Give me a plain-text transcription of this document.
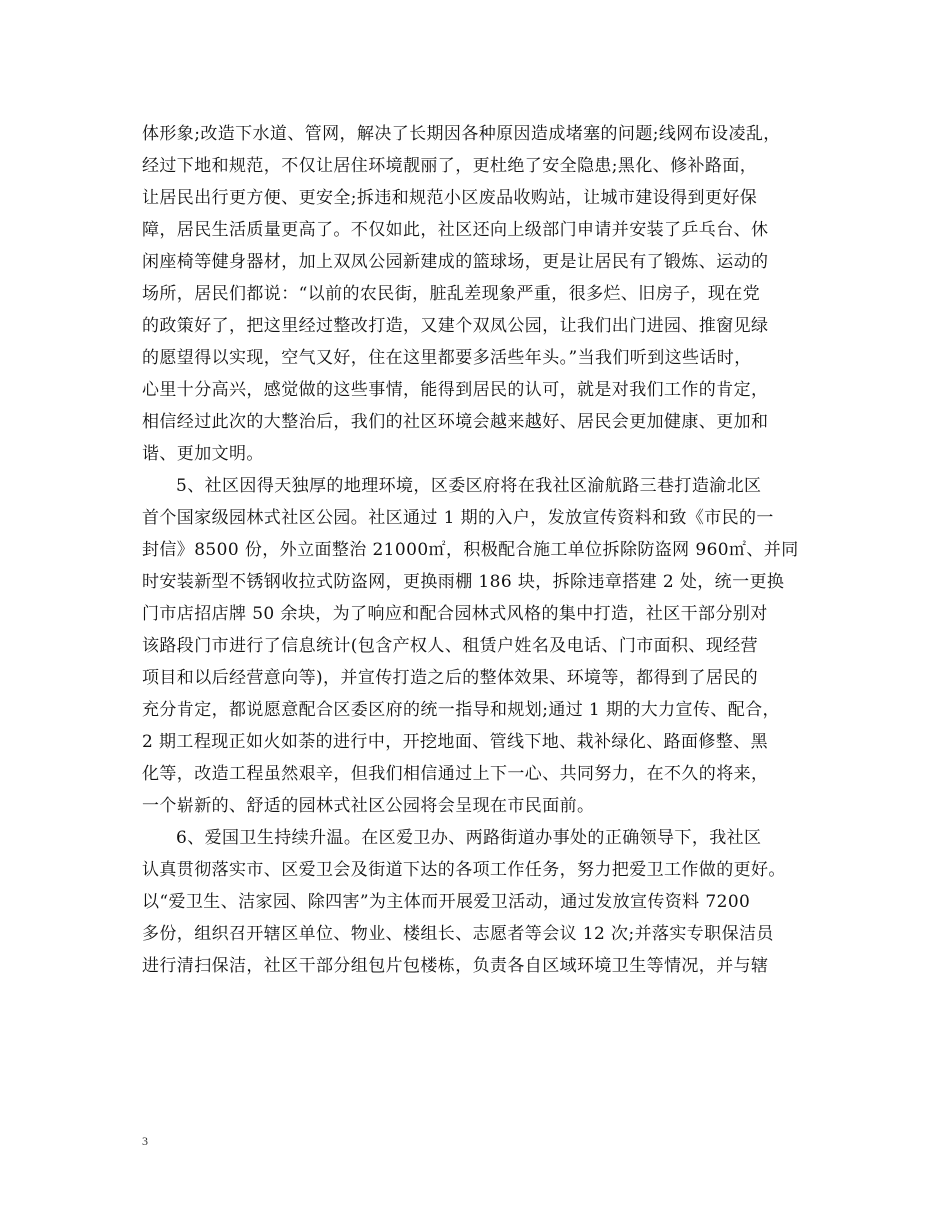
体形象;改造下水道、管网，解决了长期因各种原因造成堵塞的问题;线网布设凌乱，
经过下地和规范，不仅让居住环境靓丽了，更杜绝了安全隐患;黑化、修补路面，
让居民出行更方便、更安全;拆违和规范小区废品收购站，让城市建设得到更好保
障，居民生活质量更高了。不仅如此，社区还向上级部门申请并安装了乒乓台、休
闲座椅等健身器材，加上双凤公园新建成的篮球场，更是让居民有了锻炼、运动的
场所，居民们都说：“以前的农民街，脏乱差现象严重，很多烂、旧房子，现在党
的政策好了，把这里经过整改打造，又建个双凤公园，让我们出门进园、推窗见绿
的愿望得以实现，空气又好，住在这里都要多活些年头。”当我们听到这些话时，
心里十分高兴，感觉做的这些事情，能得到居民的认可，就是对我们工作的肯定，
相信经过此次的大整治后，我们的社区环境会越来越好、居民会更加健康、更加和
谐、更加文明。
5、社区因得天独厚的地理环境，区委区府将在我社区渝航路三巷打造渝北区
首个国家级园林式社区公园。社区通过 1 期的入户，发放宣传资料和致《市民的一
封信》8500 份，外立面整治 21000㎡，积极配合施工单位拆除防盗网 960㎡、并同
时安装新型不锈钢收拉式防盗网，更换雨棚 186 块，拆除违章搭建 2 处，统一更换
门市店招店牌 50 余块，为了响应和配合园林式风格的集中打造，社区干部分别对
该路段门市进行了信息统计(包含产权人、租赁户姓名及电话、门市面积、现经营
项目和以后经营意向等)，并宣传打造之后的整体效果、环境等，都得到了居民的
充分肯定，都说愿意配合区委区府的统一指导和规划;通过 1 期的大力宣传、配合，
2 期工程现正如火如荼的进行中，开挖地面、管线下地、栽补绿化、路面修整、黑
化等，改造工程虽然艰辛，但我们相信通过上下一心、共同努力，在不久的将来，
一个崭新的、舒适的园林式社区公园将会呈现在市民面前。
6、爱国卫生持续升温。在区爱卫办、两路街道办事处的正确领导下，我社区
认真贯彻落实市、区爱卫会及街道下达的各项工作任务，努力把爱卫工作做的更好。
以“爱卫生、洁家园、除四害”为主体而开展爱卫活动，通过发放宣传资料 7200
多份，组织召开辖区单位、物业、楼组长、志愿者等会议 12 次;并落实专职保洁员
进行清扫保洁，社区干部分组包片包楼栋，负责各自区域环境卫生等情况，并与辖
3
